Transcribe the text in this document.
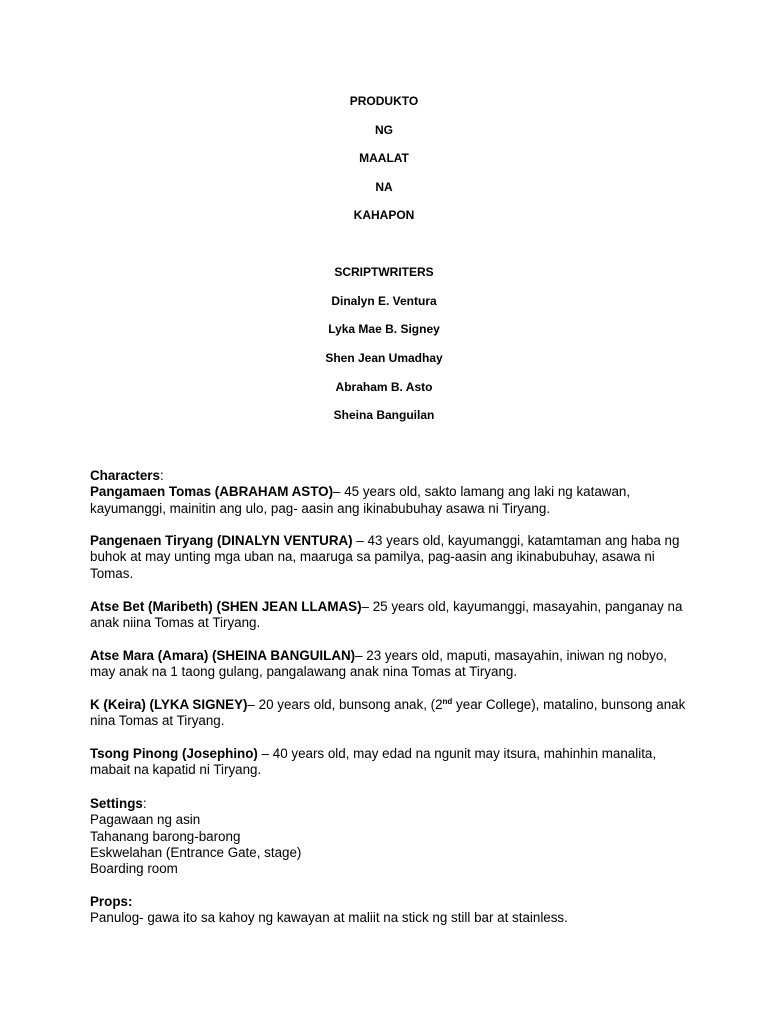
PRODUKTO
NG
MAALAT
NA
KAHAPON
SCRIPTWRITERS
Dinalyn E. Ventura
Lyka Mae B. Signey
Shen Jean Umadhay
Abraham B. Asto
Sheina Banguilan

Characters:

Pangamaen Tomas (ABRAHAM ASTO)– 45 years old, sakto lamang ang laki ng katawan, kayumanggi, mainitin ang ulo, pag- aasin ang ikinabubuhay asawa ni Tiryang.

Pangenaen Tiryang (DINALYN VENTURA) – 43 years old, kayumanggi, katamtaman ang haba ng buhok at may unting mga uban na, maaruga sa pamilya, pag-aasin ang ikinabubuhay, asawa ni Tomas.

Atse Bet (Maribeth) (SHEN JEAN LLAMAS)– 25 years old, kayumanggi, masayahin, panganay na anak niina Tomas at Tiryang.

Atse Mara (Amara) (SHEINA BANGUILAN)– 23 years old, maputi, masayahin, iniwan ng nobyo, may anak na 1 taong gulang, pangalawang anak nina Tomas at Tiryang.

K (Keira) (LYKA SIGNEY)– 20 years old, bunsong anak, (2nd year College), matalino, bunsong anak nina Tomas at Tiryang.

Tsong Pinong (Josephino) – 40 years old, may edad na ngunit may itsura, mahinhin manalita, mabait na kapatid ni Tiryang.

Settings:

Pagawaan ng asin

Tahanang barong-barong

Eskwelahan (Entrance Gate, stage)

Boarding room

Props:

Panulog- gawa ito sa kahoy ng kawayan at maliit na stick ng still bar at stainless.
